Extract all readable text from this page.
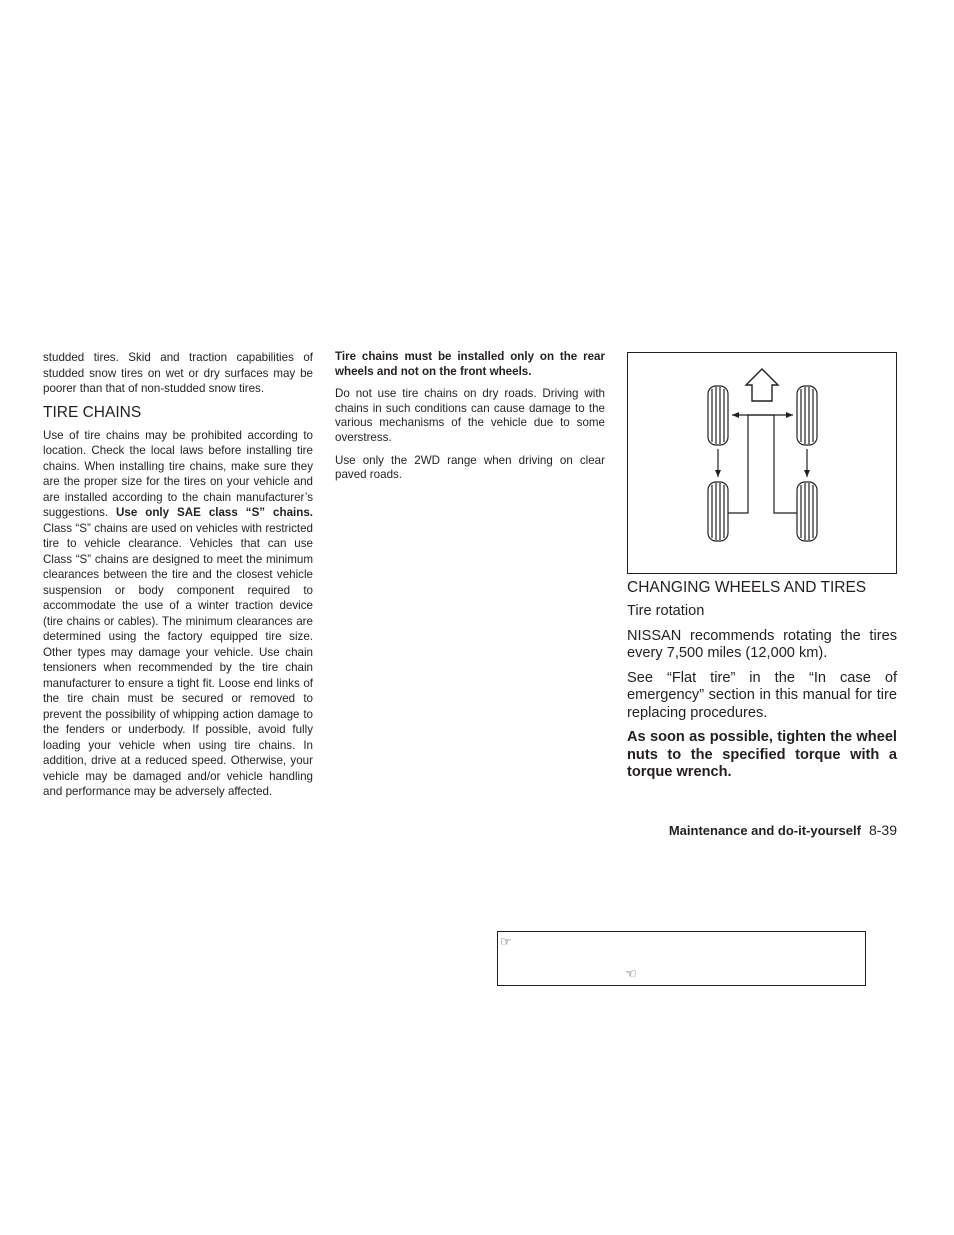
studded tires. Skid and traction capabilities of studded snow tires on wet or dry surfaces may be poorer than that of non-studded snow tires.

TIRE CHAINS

Use of tire chains may be prohibited according to location. Check the local laws before installing tire chains. When installing tire chains, make sure they are the proper size for the tires on your vehicle and are installed according to the chain manufacturer’s suggestions. Use only SAE class “S” chains. Class “S” chains are used on vehicles with restricted tire to vehicle clearance. Vehicles that can use Class “S” chains are designed to meet the minimum clearances between the tire and the closest vehicle suspension or body component required to accommodate the use of a winter traction device (tire chains or cables). The minimum clearances are determined using the factory equipped tire size. Other types may damage your vehicle. Use chain tensioners when recommended by the tire chain manufacturer to ensure a tight fit. Loose end links of the tire chain must be secured or removed to prevent the possibility of whipping action damage to the fenders or underbody. If possible, avoid fully loading your vehicle when using tire chains. In addition, drive at a reduced speed. Otherwise, your vehicle may be damaged and/or vehicle handling and performance may be adversely affected.

Tire chains must be installed only on the rear wheels and not on the front wheels.

Do not use tire chains on dry roads. Driving with chains in such conditions can cause damage to the various mechanisms of the vehicle due to some overstress.

Use only the 2WD range when driving on clear paved roads.

CHANGING WHEELS AND TIRES
Tire rotation

NISSAN recommends rotating the tires every 7,500 miles (12,000 km).

See “Flat tire” in the “In case of emergency” section in this manual for tire replacing procedures.

As soon as possible, tighten the wheel nuts to the specified torque with a torque wrench.

Maintenance and do-it-yourself 8-39
☞
☜
